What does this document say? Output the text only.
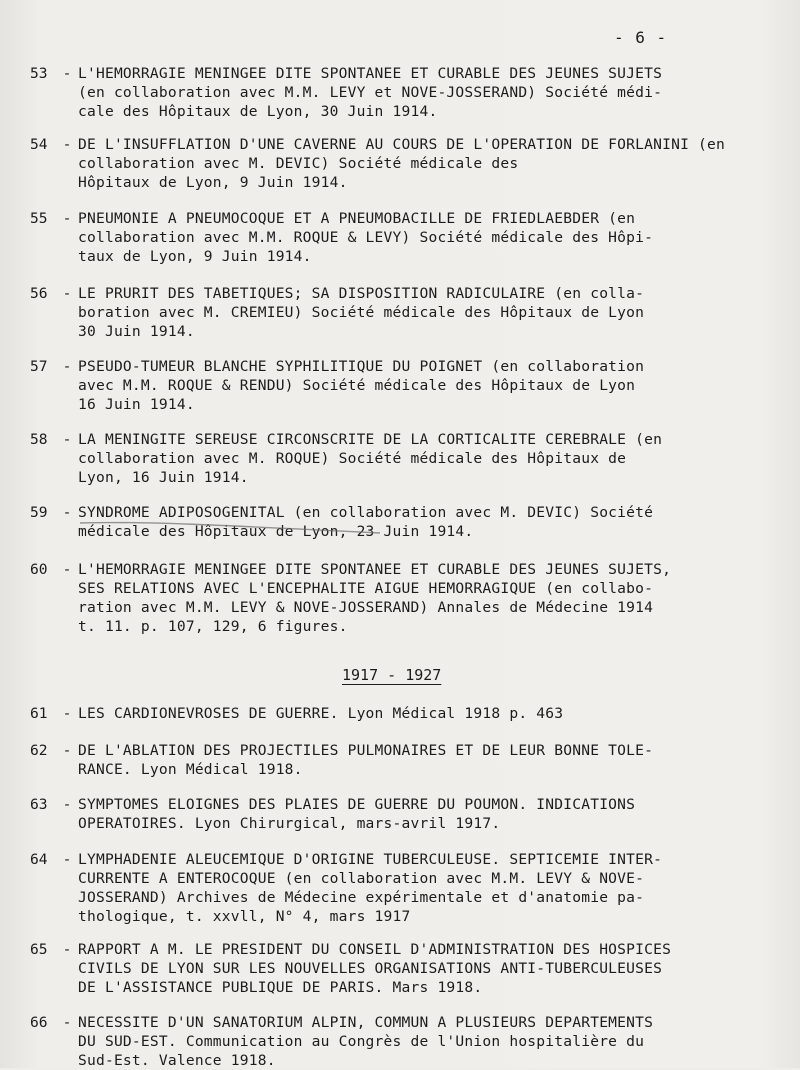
- 6 -
53	- L'HEMORRAGIE MENINGEE DITE SPONTANEE ET CURABLE DES JEUNES SUJETS
(en collaboration avec M.M. LEVY et NOVE-JOSSERAND) Société médi-
cale des Hôpitaux de Lyon, 30 Juin 1914.
54	- DE L'INSUFFLATION D'UNE CAVERNE AU COURS DE L'OPERATION DE FORLANINI (en collaboration avec M. DEVIC) Société médicale des
Hôpitaux de Lyon, 9 Juin 1914.
55	- PNEUMONIE A PNEUMOCOQUE ET A PNEUMOBACILLE DE FRIEDLAEBDER (en
collaboration avec M.M. ROQUE & LEVY) Société médicale des Hôpi-
taux de Lyon, 9 Juin 1914.
56	- LE PRURIT DES TABETIQUES; SA DISPOSITION RADICULAIRE (en colla-
boration avec M. CREMIEU) Société médicale des Hôpitaux de Lyon
30 Juin 1914.
57	- PSEUDO-TUMEUR BLANCHE SYPHILITIQUE DU POIGNET (en collaboration
avec M.M. ROQUE & RENDU) Société médicale des Hôpitaux de Lyon
16 Juin 1914.
58	- LA MENINGITE SEREUSE CIRCONSCRITE DE LA CORTICALITE CEREBRALE (en
collaboration avec M. ROQUE) Société médicale des Hôpitaux de
Lyon, 16 Juin 1914.
59	- SYNDROME ADIPOSOGENITAL (en collaboration avec M. DEVIC) Société
médicale des Hôpitaux de Lyon, 23 Juin 1914.
60	- L'HEMORRAGIE MENINGEE DITE SPONTANEE ET CURABLE DES JEUNES SUJETS,
SES RELATIONS AVEC L'ENCEPHALITE AIGUE HEMORRAGIQUE (en collabo-
ration avec M.M. LEVY & NOVE-JOSSERAND) Annales de Médecine 1914
t. 11. p. 107, 129, 6 figures.
1917 - 1927
61	- LES CARDIONEVROSES DE GUERRE. Lyon Médical 1918 p. 463
62	- DE L'ABLATION DES PROJECTILES PULMONAIRES ET DE LEUR BONNE TOLE-
RANCE. Lyon Médical 1918.
63	- SYMPTOMES ELOIGNES DES PLAIES DE GUERRE DU POUMON. INDICATIONS
OPERATOIRES. Lyon Chirurgical, mars-avril 1917.
64	- LYMPHADENIE ALEUCEMIQUE D'ORIGINE TUBERCULEUSE. SEPTICEMIE INTER-
CURRENTE A ENTEROCOQUE (en collaboration avec M.M. LEVY & NOVE-
JOSSERAND) Archives de Médecine expérimentale et d'anatomie pa-
thologique, t. xxvll, N° 4, mars 1917
65	- RAPPORT A M. LE PRESIDENT DU CONSEIL D'ADMINISTRATION DES HOSPICES
CIVILS DE LYON SUR LES NOUVELLES ORGANISATIONS ANTI-TUBERCULEUSES
DE L'ASSISTANCE PUBLIQUE DE PARIS. Mars 1918.
66	- NECESSITE D'UN SANATORIUM ALPIN, COMMUN A PLUSIEURS DEPARTEMENTS
DU SUD-EST. Communication au Congrès de l'Union hospitalière du
Sud-Est. Valence 1918.
